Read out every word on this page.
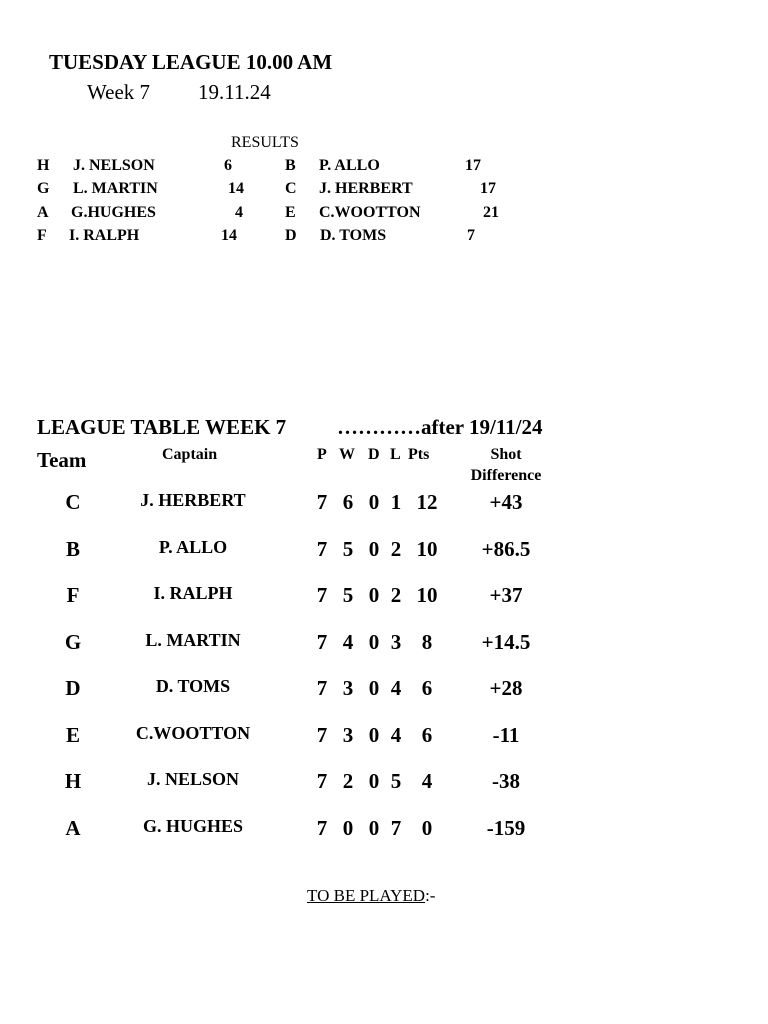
TUESDAY LEAGUE 10.00 AM
Week 7 19.11.24
RESULTS
H J. NELSON	6	B P. ALLO	17
G L. MARTIN	14	C J. HERBERT	17
A G.HUGHES	4	E C.WOOTTON	21
F I. RALPH	14	D D. TOMS	7
LEAGUE TABLE WEEK 7 …………after 19/11/24
Team	Captain	P W D L Pts	Shot
Difference
C	J. HERBERT	7 6 0 1 12	+43
B	P. ALLO	7 5 0 2 10	+86.5
F	I. RALPH	7 5 0 2 10	+37
G	L. MARTIN	7 4 0 3 8	+14.5
D	D. TOMS	7 3 0 4 6	+28
E	C.WOOTTON	7 3 0 4 6	-11
H	J. NELSON	7 2 0 5 4	-38
A	G. HUGHES	7 0 0 7 0	-159
TO BE PLAYED:-
